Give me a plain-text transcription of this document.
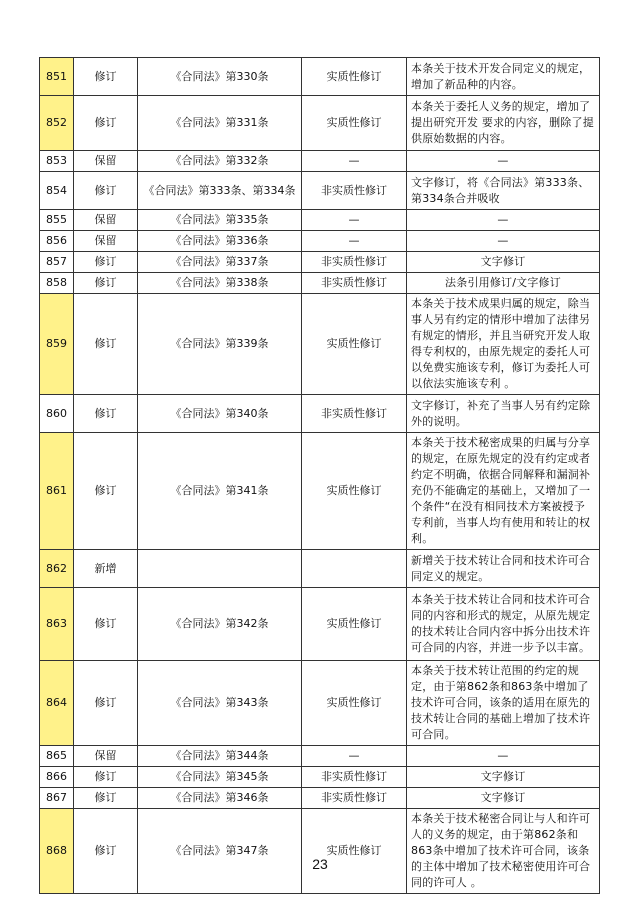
851	修订	《合同法》第330条	实质性修订	本条关于技术开发合同定义的规定，增加了新品种的内容。
852	修订	《合同法》第331条	实质性修订	本条关于委托人义务的规定，增加了提出研究开发 要求的内容，删除了提供原始数据的内容。
853	保留	《合同法》第332条	—	—
854	修订	《合同法》第333条、第334条	非实质性修订	文字修订，将《合同法》第333条、第334条合并吸收
855	保留	《合同法》第335条	—	—
856	保留	《合同法》第336条	—	—
857	修订	《合同法》第337条	非实质性修订	文字修订
858	修订	《合同法》第338条	非实质性修订	法条引用修订/文字修订
859	修订	《合同法》第339条	实质性修订	本条关于技术成果归属的规定，除当事人另有约定的情形中增加了法律另有规定的情形，并且当研究开发人取得专利权的，由原先规定的委托人可以免费实施该专利，修订为委托人可以依法实施该专利 。
860	修订	《合同法》第340条	非实质性修订	文字修订，补充了当事人另有约定除外的说明。
861	修订	《合同法》第341条	实质性修订	本条关于技术秘密成果的归属与分享的规定，在原先规定的没有约定或者约定不明确，依据合同解释和漏洞补充仍不能确定的基础上，又增加了一个条件“在没有相同技术方案被授予专利前，当事人均有使用和转让的权利。
862	新增			新增关于技术转让合同和技术许可合同定义的规定。
863	修订	《合同法》第342条	实质性修订	本条关于技术转让合同和技术许可合同的内容和形式的规定，从原先规定的技术转让合同内容中拆分出技术许可合同的内容，并进一步予以丰富。
864	修订	《合同法》第343条	实质性修订	本条关于技术转让范围的约定的规定，由于第862条和863条中增加了技术许可合同，该条的适用在原先的技术转让合同的基础上增加了技术许可合同。
865	保留	《合同法》第344条	—	—
866	修订	《合同法》第345条	非实质性修订	文字修订
867	修订	《合同法》第346条	非实质性修订	文字修订
868	修订	《合同法》第347条	实质性修订	本条关于技术秘密合同让与人和许可人的义务的规定，由于第862条和863条中增加了技术许可合同，该条的主体中增加了技术秘密使用许可合同的许可人 。
23
